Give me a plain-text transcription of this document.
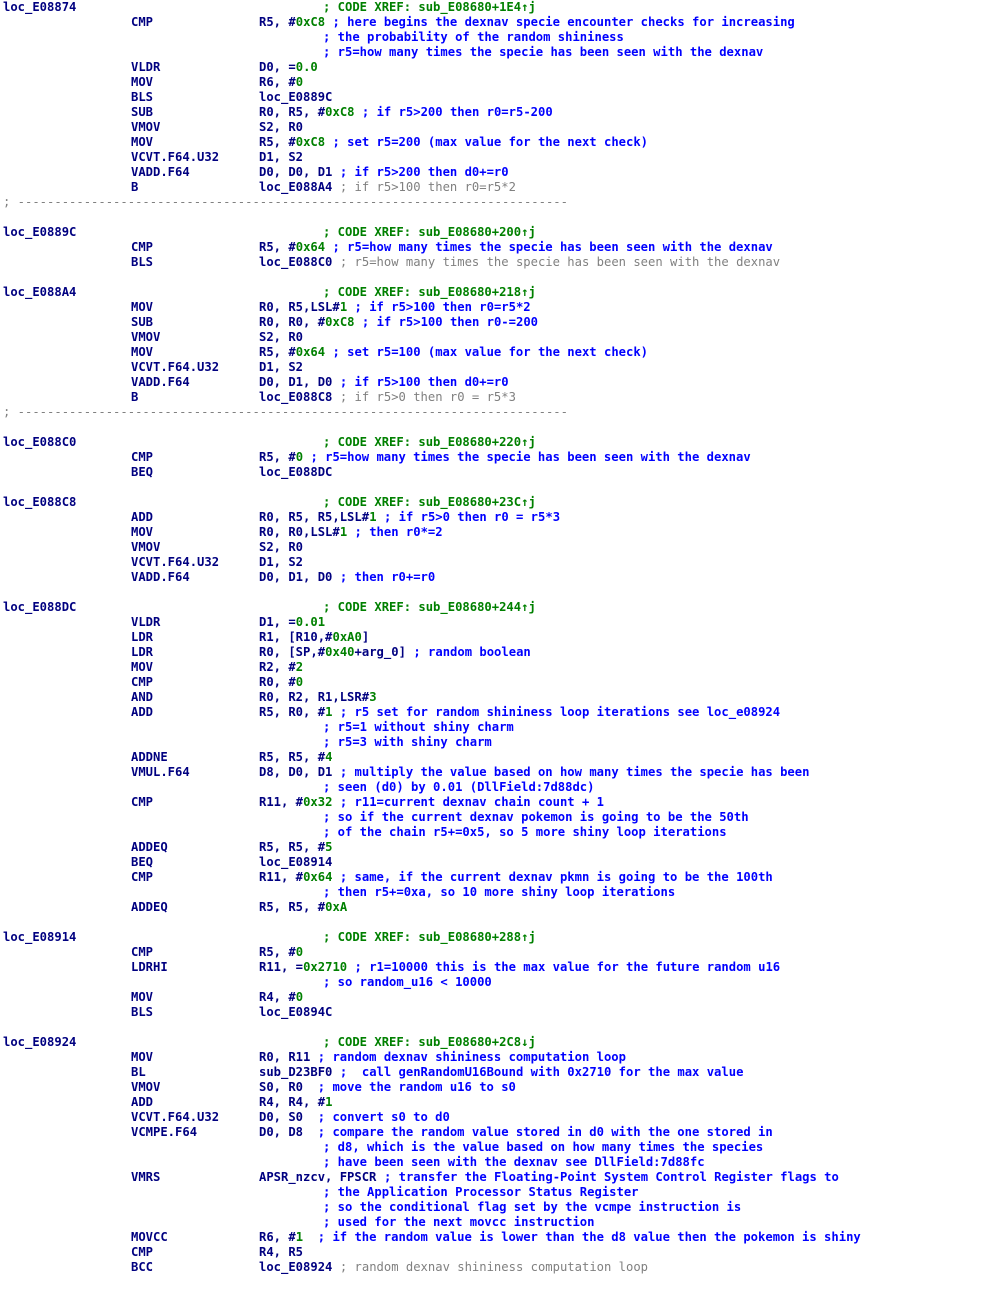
loc_E08874	; CODE XREF: sub_E08680+1E4↑j
CMP	R5, # 0xC8 ; here begins the dexnav specie encounter checks for increasing
; the probability of the random shininess
; r5=how many times the specie has been seen with the dexnav
VLDR	D0, = 0.0
MOV	R6, # 0
BLS	loc_E0889C
SUB	R0, R5, # 0xC8 ; if r5>200 then r0=r5-200
VMOV	S2, R0
MOV	R5, # 0xC8 ; set r5=200 (max value for the next check)
VCVT.F64.U32	D1, S2
VADD.F64	D0, D0, D1 ; if r5>200 then d0+=r0
B	loc_E088A4 ; if r5>100 then r0=r5*2
; ---------------------------------------------------------------------------
loc_E0889C	; CODE XREF: sub_E08680+200↑j
CMP	R5, # 0x64 ; r5=how many times the specie has been seen with the dexnav
BLS	loc_E088C0 ; r5=how many times the specie has been seen with the dexnav
loc_E088A4	; CODE XREF: sub_E08680+218↑j
MOV	R0, R5,LSL# 1 ; if r5>100 then r0=r5*2
SUB	R0, R0, # 0xC8 ; if r5>100 then r0-=200
VMOV	S2, R0
MOV	R5, # 0x64 ; set r5=100 (max value for the next check)
VCVT.F64.U32	D1, S2
VADD.F64	D0, D1, D0 ; if r5>100 then d0+=r0
B	loc_E088C8 ; if r5>0 then r0 = r5*3
; ---------------------------------------------------------------------------
loc_E088C0	; CODE XREF: sub_E08680+220↑j
CMP	R5, # 0 ; r5=how many times the specie has been seen with the dexnav
BEQ	loc_E088DC
loc_E088C8	; CODE XREF: sub_E08680+23C↑j
ADD	R0, R5, R5,LSL# 1 ; if r5>0 then r0 = r5*3
MOV	R0, R0,LSL# 1 ; then r0*=2
VMOV	S2, R0
VCVT.F64.U32	D1, S2
VADD.F64	D0, D1, D0 ; then r0+=r0
loc_E088DC	; CODE XREF: sub_E08680+244↑j
VLDR	D1, = 0.01
LDR	R1, [R10,# 0xA0 ]
LDR	R0, [SP,# 0x40 +arg_0] ; random boolean
MOV	R2, # 2
CMP	R0, # 0
AND	R0, R2, R1,LSR# 3
ADD	R5, R0, # 1 ; r5 set for random shininess loop iterations see loc_e08924
; r5=1 without shiny charm
; r5=3 with shiny charm
ADDNE	R5, R5, # 4
VMUL.F64	D8, D0, D1 ; multiply the value based on how many times the specie has been
; seen (d0) by 0.01 (DllField:7d88dc)
CMP	R11, # 0x32 ; r11=current dexnav chain count + 1
; so if the current dexnav pokemon is going to be the 50th
; of the chain r5+=0x5, so 5 more shiny loop iterations
ADDEQ	R5, R5, # 5
BEQ	loc_E08914
CMP	R11, # 0x64 ; same, if the current dexnav pkmn is going to be the 100th
; then r5+=0xa, so 10 more shiny loop iterations
ADDEQ	R5, R5, # 0xA
loc_E08914	; CODE XREF: sub_E08680+288↑j
CMP	R5, # 0
LDRHI	R11, = 0x2710 ; r1=10000 this is the max value for the future random u16
; so random_u16 < 10000
MOV	R4, # 0
BLS	loc_E0894C
loc_E08924	; CODE XREF: sub_E08680+2C8↓j
MOV	R0, R11 ; random dexnav shininess computation loop
BL	sub_D23BF0 ;  call genRandomU16Bound with 0x2710 for the max value
VMOV	S0, R0 ; move the random u16 to s0
ADD	R4, R4, # 1
VCVT.F64.U32	D0, S0 ; convert s0 to d0
VCMPE.F64	D0, D8 ; compare the random value stored in d0 with the one stored in
; d8, which is the value based on how many times the species
; have been seen with the dexnav see DllField:7d88fc
VMRS	APSR_nzcv, FPSCR ; transfer the Floating-Point System Control Register flags to
; the Application Processor Status Register
; so the conditional flag set by the vcmpe instruction is
; used for the next movcc instruction
MOVCC	R6, # 1 ; if the random value is lower than the d8 value then the pokemon is shiny
CMP	R4, R5
BCC	loc_E08924 ; random dexnav shininess computation loop
